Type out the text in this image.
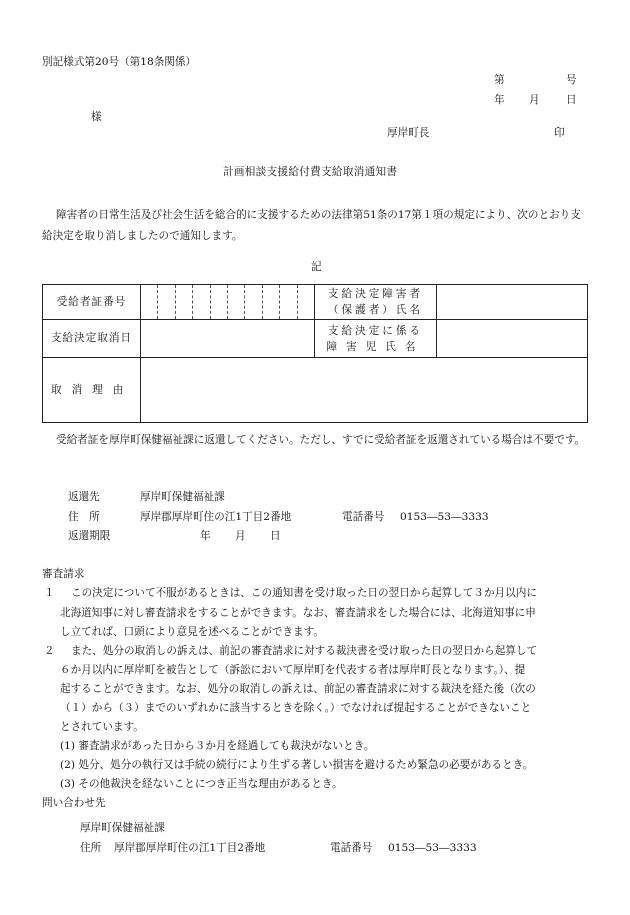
別記様式第20号（第18条関係）
第	号
年 月 日
様
厚岸町長	印
計画相談支援給付費支給取消通知書
障害者の日常生活及び社会生活を総合的に支援するための法律第51条の17第１項の規定により、次のとおり支給決定を取り消しましたので通知します。
記
受給者証番号		支給決定障害者
（保護者）氏名	

支給決定取消日		支給決定に係る
障害児氏名	

取消理由			
受給者証を厚岸町保健福祉課に返還してください。ただし、すでに受給者証を返還されている場合は不要です。
返還先	厚岸町保健福祉課
住　所	厚岸郡厚岸町住の江1丁目2番地	電話番号 0153―53―3333
返還期限	年 月 日
審査請求
１ この決定について不服があるときは、この通知書を受け取った日の翌日から起算して３か月以内に
北海道知事に対し審査請求をすることができます。なお、審査請求をした場合には、北海道知事に申
し立てれば、口頭により意見を述べることができます。
２ また、処分の取消しの訴えは、前記の審査請求に対する裁決書を受け取った日の翌日から起算して
６か月以内に厚岸町を被告として（訴訟において厚岸町を代表する者は厚岸町長となります。）、提
起することができます。なお、処分の取消しの訴えは、前記の審査請求に対する裁決を経た後（次の
（１）から（３）までのいずれかに該当するときを除く。）でなければ提起することができないこと
とされています。
(1) 審査請求があった日から３か月を経過しても裁決がないとき。
(2) 処分、処分の執行又は手続の続行により生ずる著しい損害を避けるため緊急の必要があるとき。
(3) その他裁決を経ないことにつき正当な理由があるとき。
問い合わせ先
厚岸町保健福祉課
住所 厚岸郡厚岸町住の江1丁目2番地	電話番号 0153―53―3333
